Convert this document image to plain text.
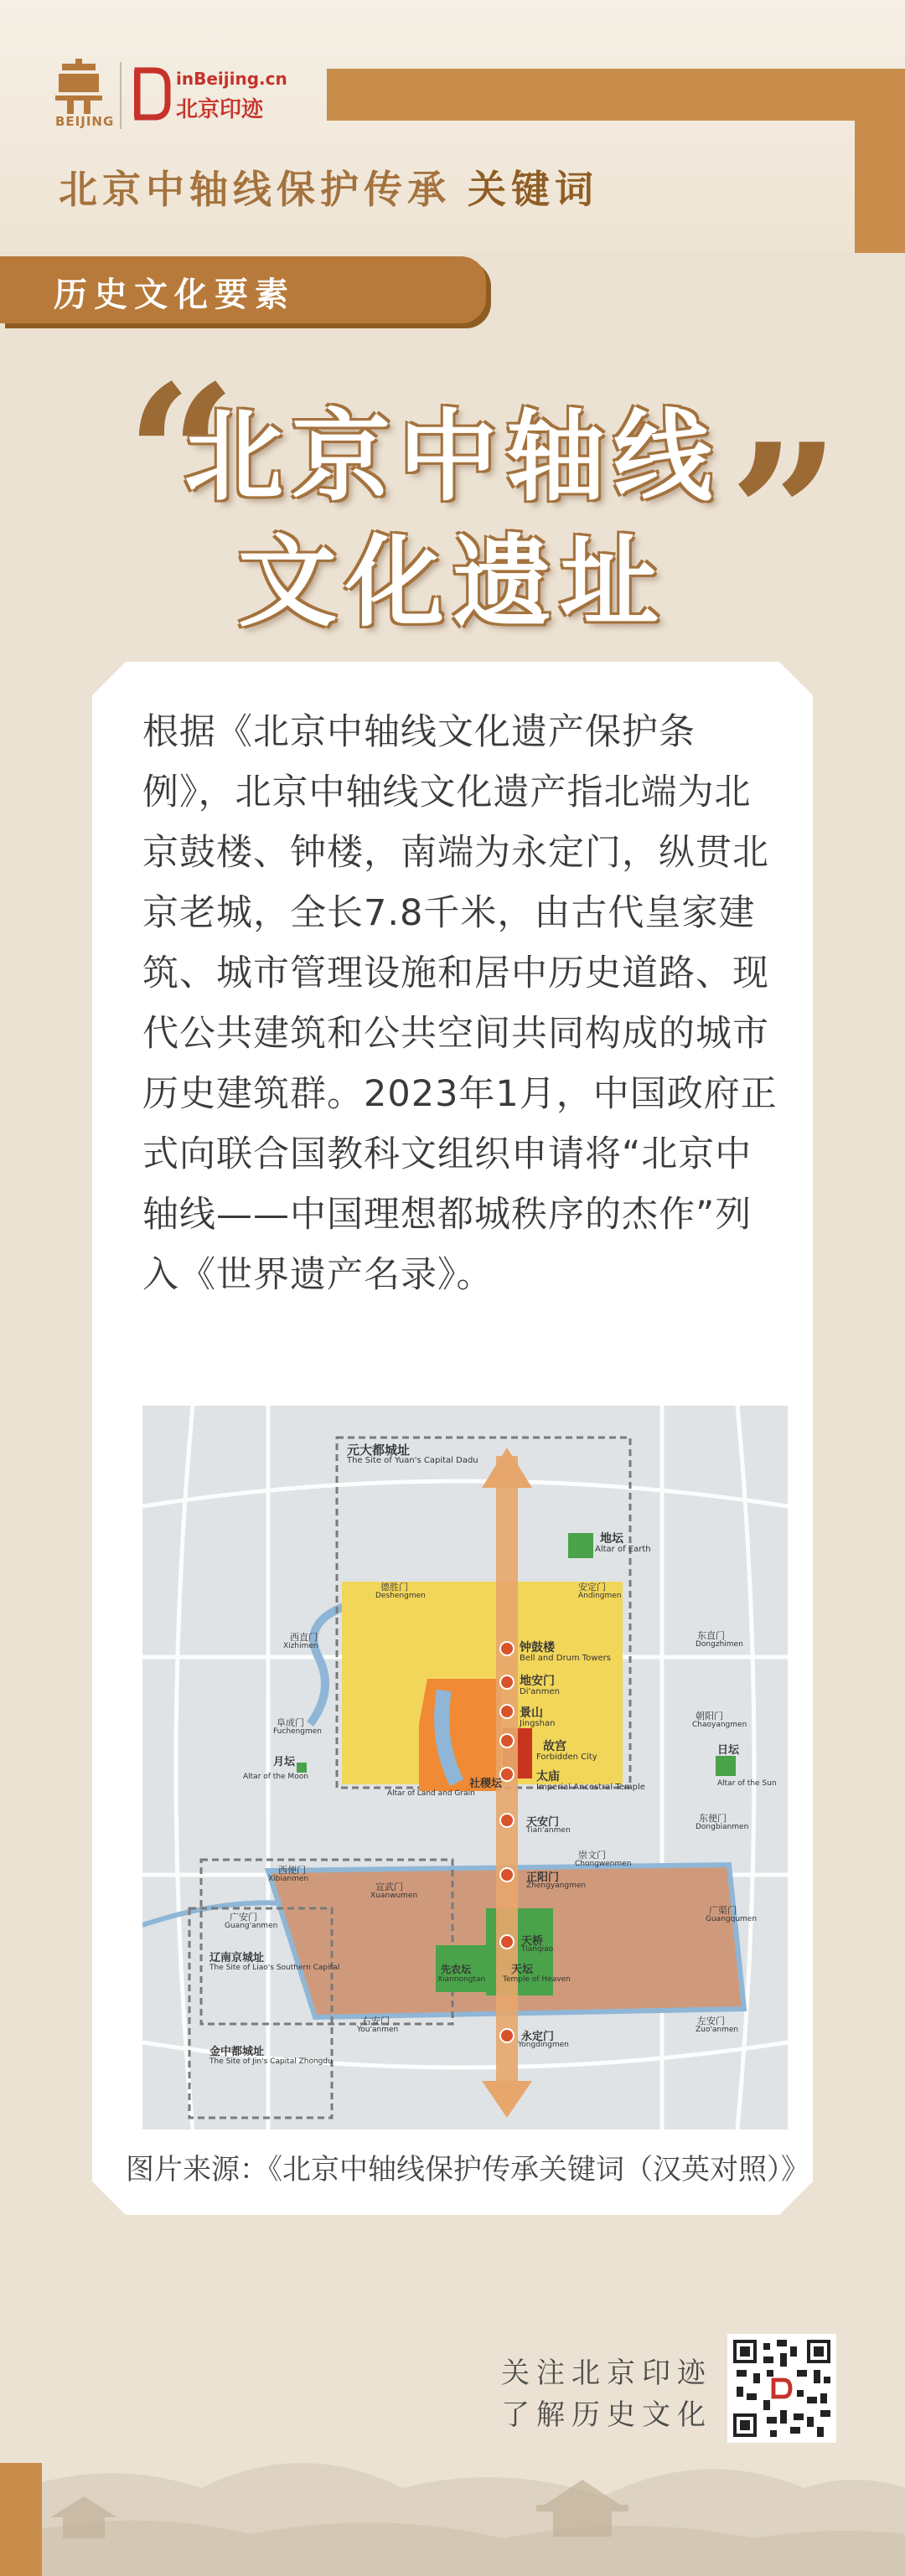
BEIJING
inBeijing.cn
北京印迹
北京中轴线保护传承 关键词
历史文化要素
“	”
北京中轴线
文化遗址
根据《北京中轴线文化遗产保护条例》，北京中轴线文化遗产指北端为北京鼓楼、钟楼，南端为永定门，纵贯北京老城，全长7.8千米，由古代皇家建筑、城市管理设施和居中历史道路、现代公共建筑和公共空间共同构成的城市历史建筑群。2023年1月，中国政府正式向联合国教科文组织申请将“北京中轴线——中国理想都城秩序的杰作”列入《世界遗产名录》。
元大都城址
The Site of Yuan's Capital Dadu
地坛
Altar of Earth
德胜门
Deshengmen
安定门
Andingmen
西直门
Xizhimen
东直门
Dongzhimen
钟鼓楼
Bell and Drum Towers
地安门
Di'anmen
景山
Jingshan
阜成门
Fuchengmen
朝阳门
Chaoyangmen
月坛
Altar of the Moon
故宫
Forbidden City
日坛
Altar of the Sun
太庙
Imperial Ancestral Temple
社稷坛
Altar of Land and Grain
天安门
Tian'anmen
东便门
Dongbianmen
西便门
Xibianmen
崇文门
Chongwenmen
宣武门
Xuanwumen
正阳门
Zhengyangmen
广安门
Guang'anmen
广渠门
Guangqumen
天桥
Tianqiao
辽南京城址
The Site of Liao's Southern Capital	先农坛
Xiannongtan
天坛
Temple of Heaven
金中都城址
The Site of Jin's Capital Zhongdu
右安门
You'anmen
永定门
Yongdingmen
左安门
Zuo'anmen
图片来源：《北京中轴线保护传承关键词（汉英对照）》
关注北京印迹
了解历史文化
